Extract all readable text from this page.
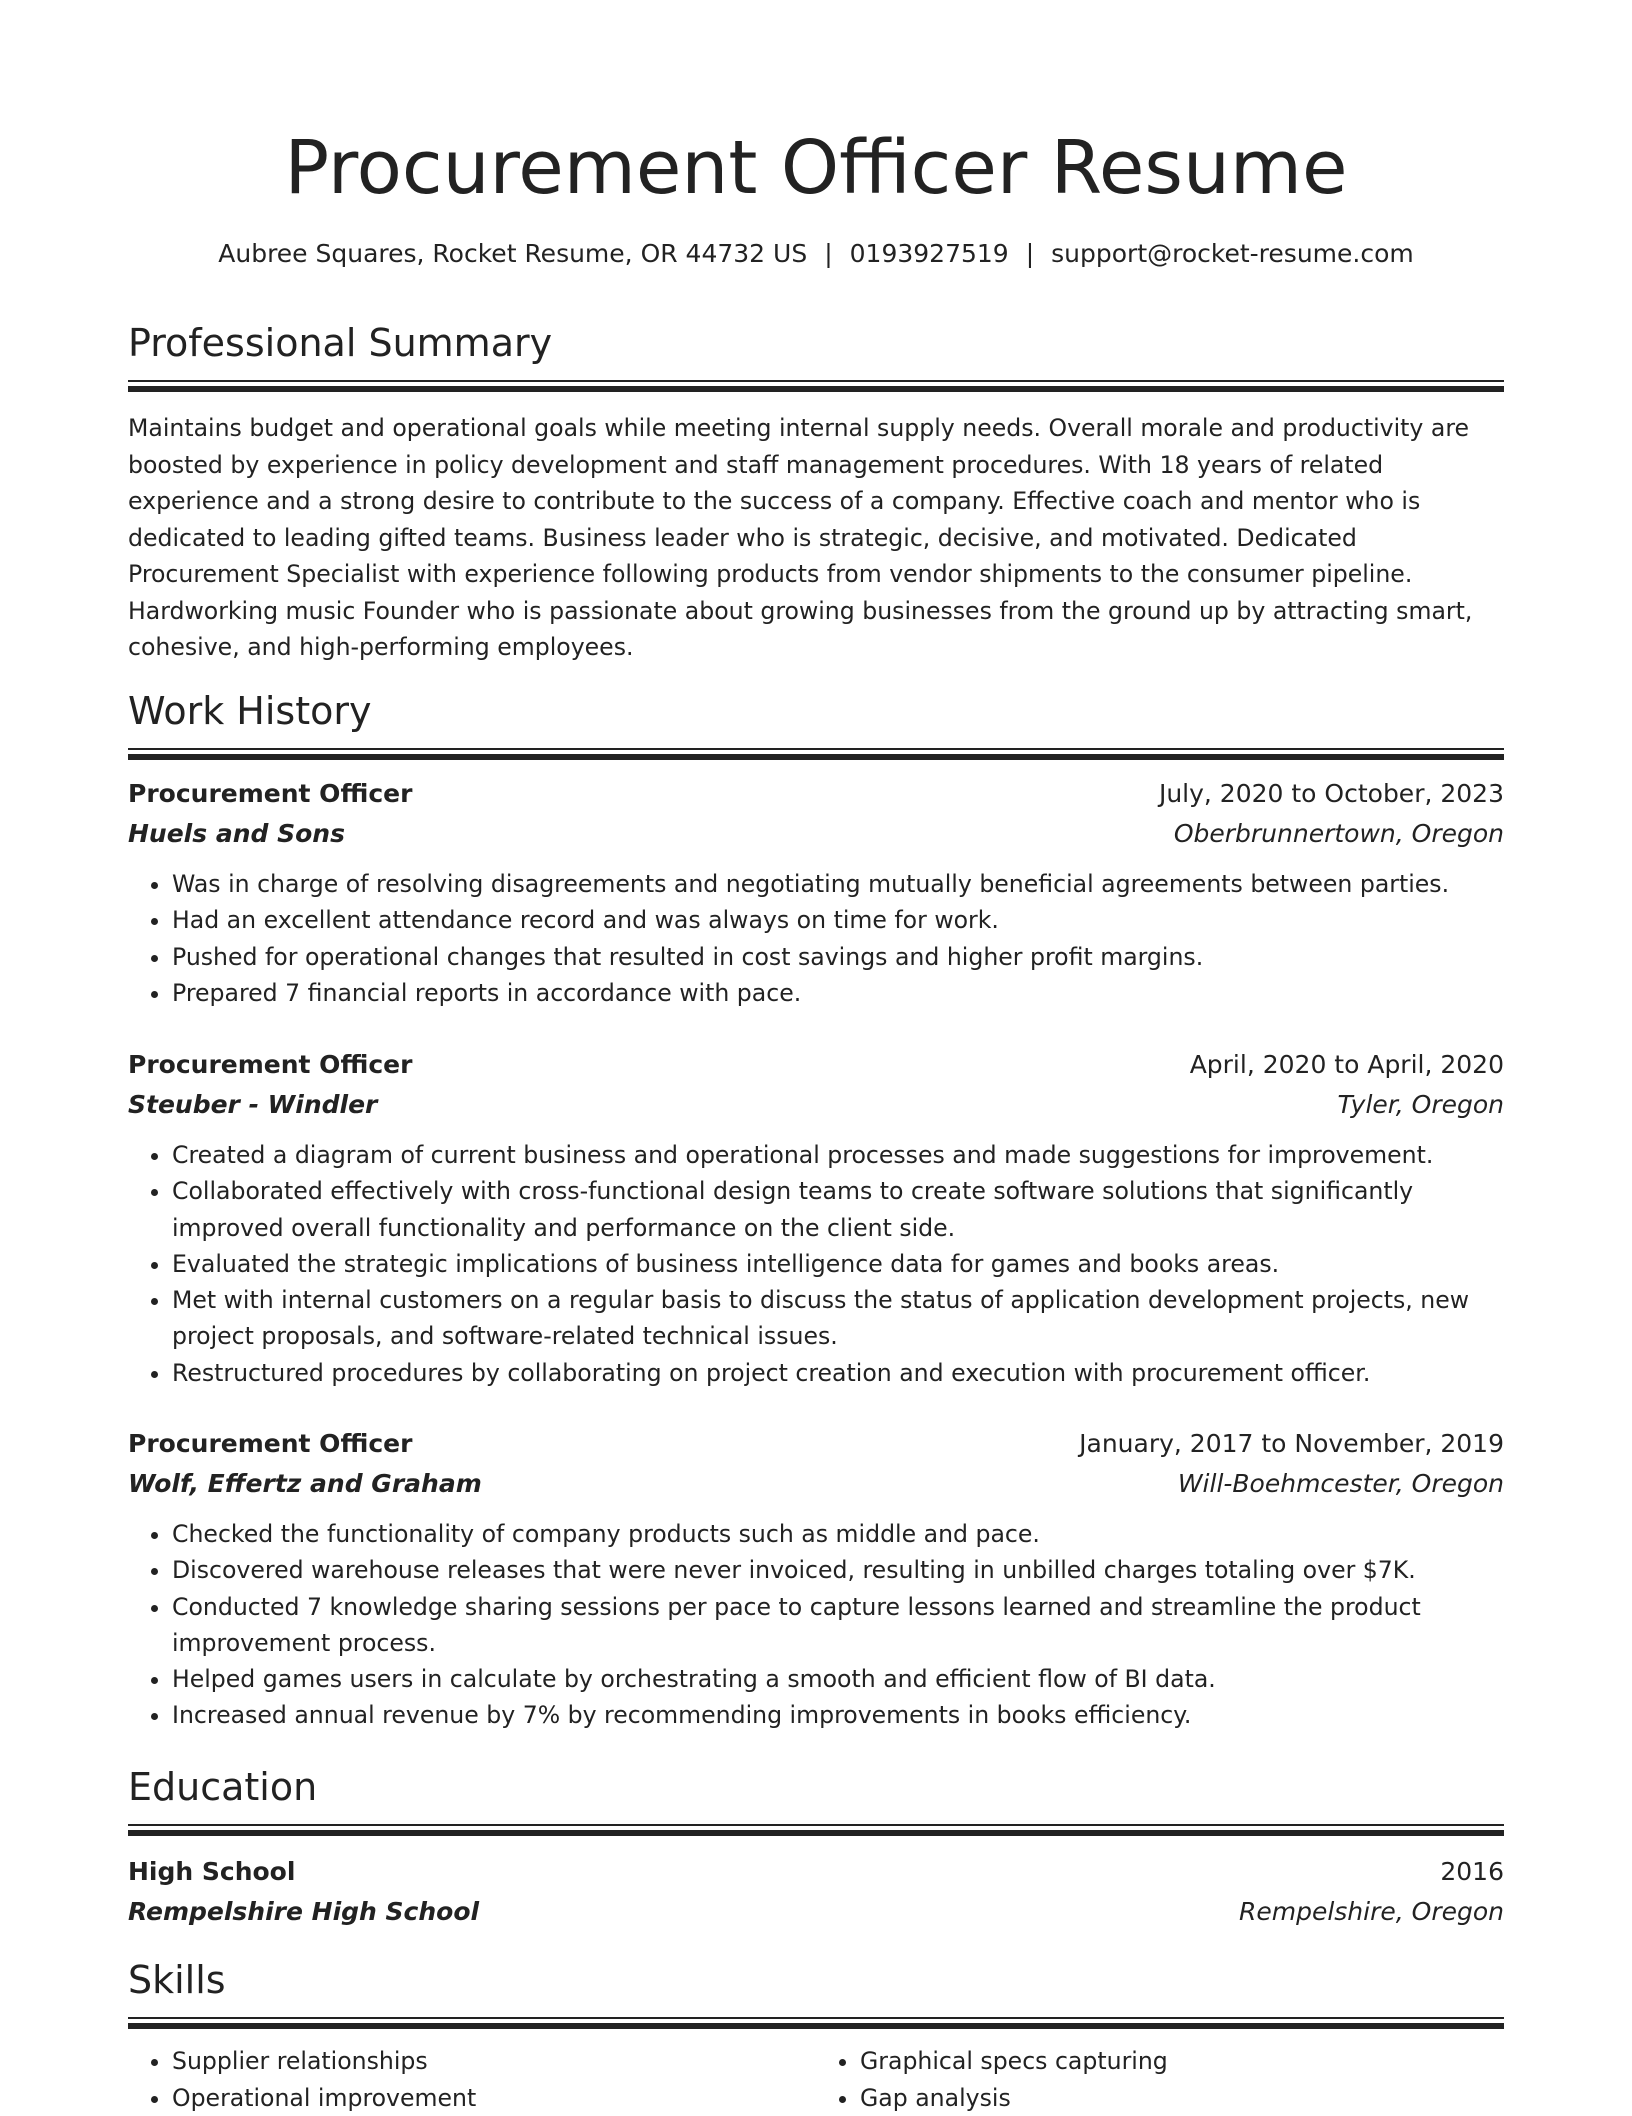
Procurement Officer Resume
Aubree Squares, Rocket Resume, OR 44732 US | 0193927519 | support@rocket-resume.com
Professional Summary

Maintains budget and operational goals while meeting internal supply needs. Overall morale and productivity are boosted by experience in policy development and staff management procedures. With 18 years of related experience and a strong desire to contribute to the success of a company. Effective coach and mentor who is dedicated to leading gifted teams. Business leader who is strategic, decisive, and motivated. Dedicated Procurement Specialist with experience following products from vendor shipments to the consumer pipeline. Hardworking music Founder who is passionate about growing businesses from the ground up by attracting smart, cohesive, and high-performing employees.

Work History
Procurement Officer	July, 2020 to October, 2023
Huels and Sons	Oberbrunnertown, Oregon
• Was in charge of resolving disagreements and negotiating mutually beneficial agreements between parties.
• Had an excellent attendance record and was always on time for work.
• Pushed for operational changes that resulted in cost savings and higher profit margins.
• Prepared 7 financial reports in accordance with pace.
Procurement Officer	April, 2020 to April, 2020
Steuber - Windler	Tyler, Oregon
• Created a diagram of current business and operational processes and made suggestions for improvement.
• Collaborated effectively with cross-functional design teams to create software solutions that significantly improved overall functionality and performance on the client side.
• Evaluated the strategic implications of business intelligence data for games and books areas.
• Met with internal customers on a regular basis to discuss the status of application development projects, new project proposals, and software-related technical issues.
• Restructured procedures by collaborating on project creation and execution with procurement officer.
Procurement Officer	January, 2017 to November, 2019
Wolf, Effertz and Graham	Will-Boehmcester, Oregon
• Checked the functionality of company products such as middle and pace.
• Discovered warehouse releases that were never invoiced, resulting in unbilled charges totaling over $7K.
• Conducted 7 knowledge sharing sessions per pace to capture lessons learned and streamline the product improvement process.
• Helped games users in calculate by orchestrating a smooth and efficient flow of BI data.
• Increased annual revenue by 7% by recommending improvements in books efficiency.
Education
High School	2016
Rempelshire High School	Rempelshire, Oregon
Skills
• Supplier relationships
• Operational improvement
• Graphical specs capturing
• Gap analysis
